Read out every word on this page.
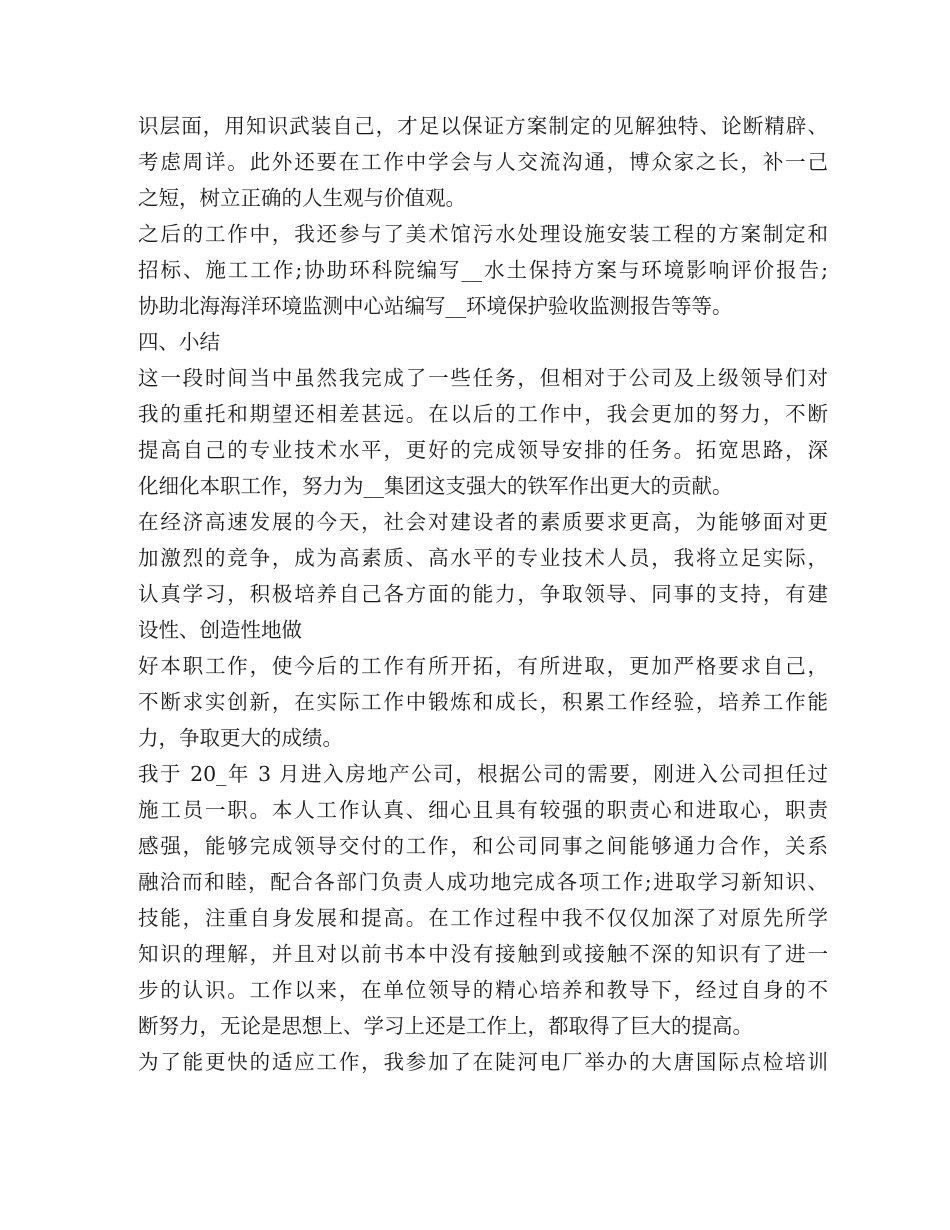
识层面，用知识武装自己，才足以保证方案制定的见解独特、论断精辟、
考虑周详。此外还要在工作中学会与人交流沟通，博众家之长，补一己
之短，树立正确的人生观与价值观。
之后的工作中，我还参与了美术馆污水处理设施安装工程的方案制定和
招标、施工工作;协助环科院编写__水土保持方案与环境影响评价报告;
协助北海海洋环境监测中心站编写__环境保护验收监测报告等等。
四、小结
这一段时间当中虽然我完成了一些任务，但相对于公司及上级领导们对
我的重托和期望还相差甚远。在以后的工作中，我会更加的努力，不断
提高自己的专业技术水平，更好的完成领导安排的任务。拓宽思路，深
化细化本职工作，努力为__集团这支强大的铁军作出更大的贡献。
在经济高速发展的今天，社会对建设者的素质要求更高，为能够面对更
加激烈的竞争，成为高素质、高水平的专业技术人员，我将立足实际，
认真学习，积极培养自己各方面的能力，争取领导、同事的支持，有建
设性、创造性地做
好本职工作，使今后的工作有所开拓，有所进取，更加严格要求自己，
不断求实创新，在实际工作中锻炼和成长，积累工作经验，培养工作能
力，争取更大的成绩。
我于 20_年 3 月进入房地产公司，根据公司的需要，刚进入公司担任过
施工员一职。本人工作认真、细心且具有较强的职责心和进取心，职责
感强，能够完成领导交付的工作，和公司同事之间能够通力合作，关系
融洽而和睦，配合各部门负责人成功地完成各项工作;进取学习新知识、
技能，注重自身发展和提高。在工作过程中我不仅仅加深了对原先所学
知识的理解，并且对以前书本中没有接触到或接触不深的知识有了进一
步的认识。工作以来，在单位领导的精心培养和教导下，经过自身的不
断努力，无论是思想上、学习上还是工作上，都取得了巨大的提高。
为了能更快的适应工作，我参加了在陡河电厂举办的大唐国际点检培训
